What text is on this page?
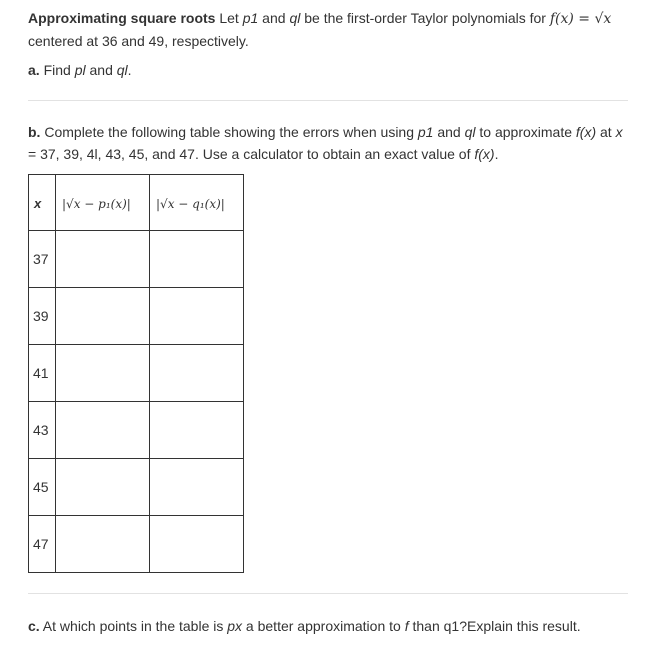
Approximating square roots Let p1 and ql be the first-order Taylor polynomials for f(x) = √x centered at 36 and 49, respectively.
a. Find pl and ql.
b. Complete the following table showing the errors when using p1 and ql to approximate f(x) at x = 37, 39, 4l, 43, 45, and 47. Use a calculator to obtain an exact value of f(x).
x	|√x − p₁(x)|	|√x − q₁(x)|
37		
39		
41		
43		
45		
47		
c. At which points in the table is px a better approximation to f than q1?Explain this result.
